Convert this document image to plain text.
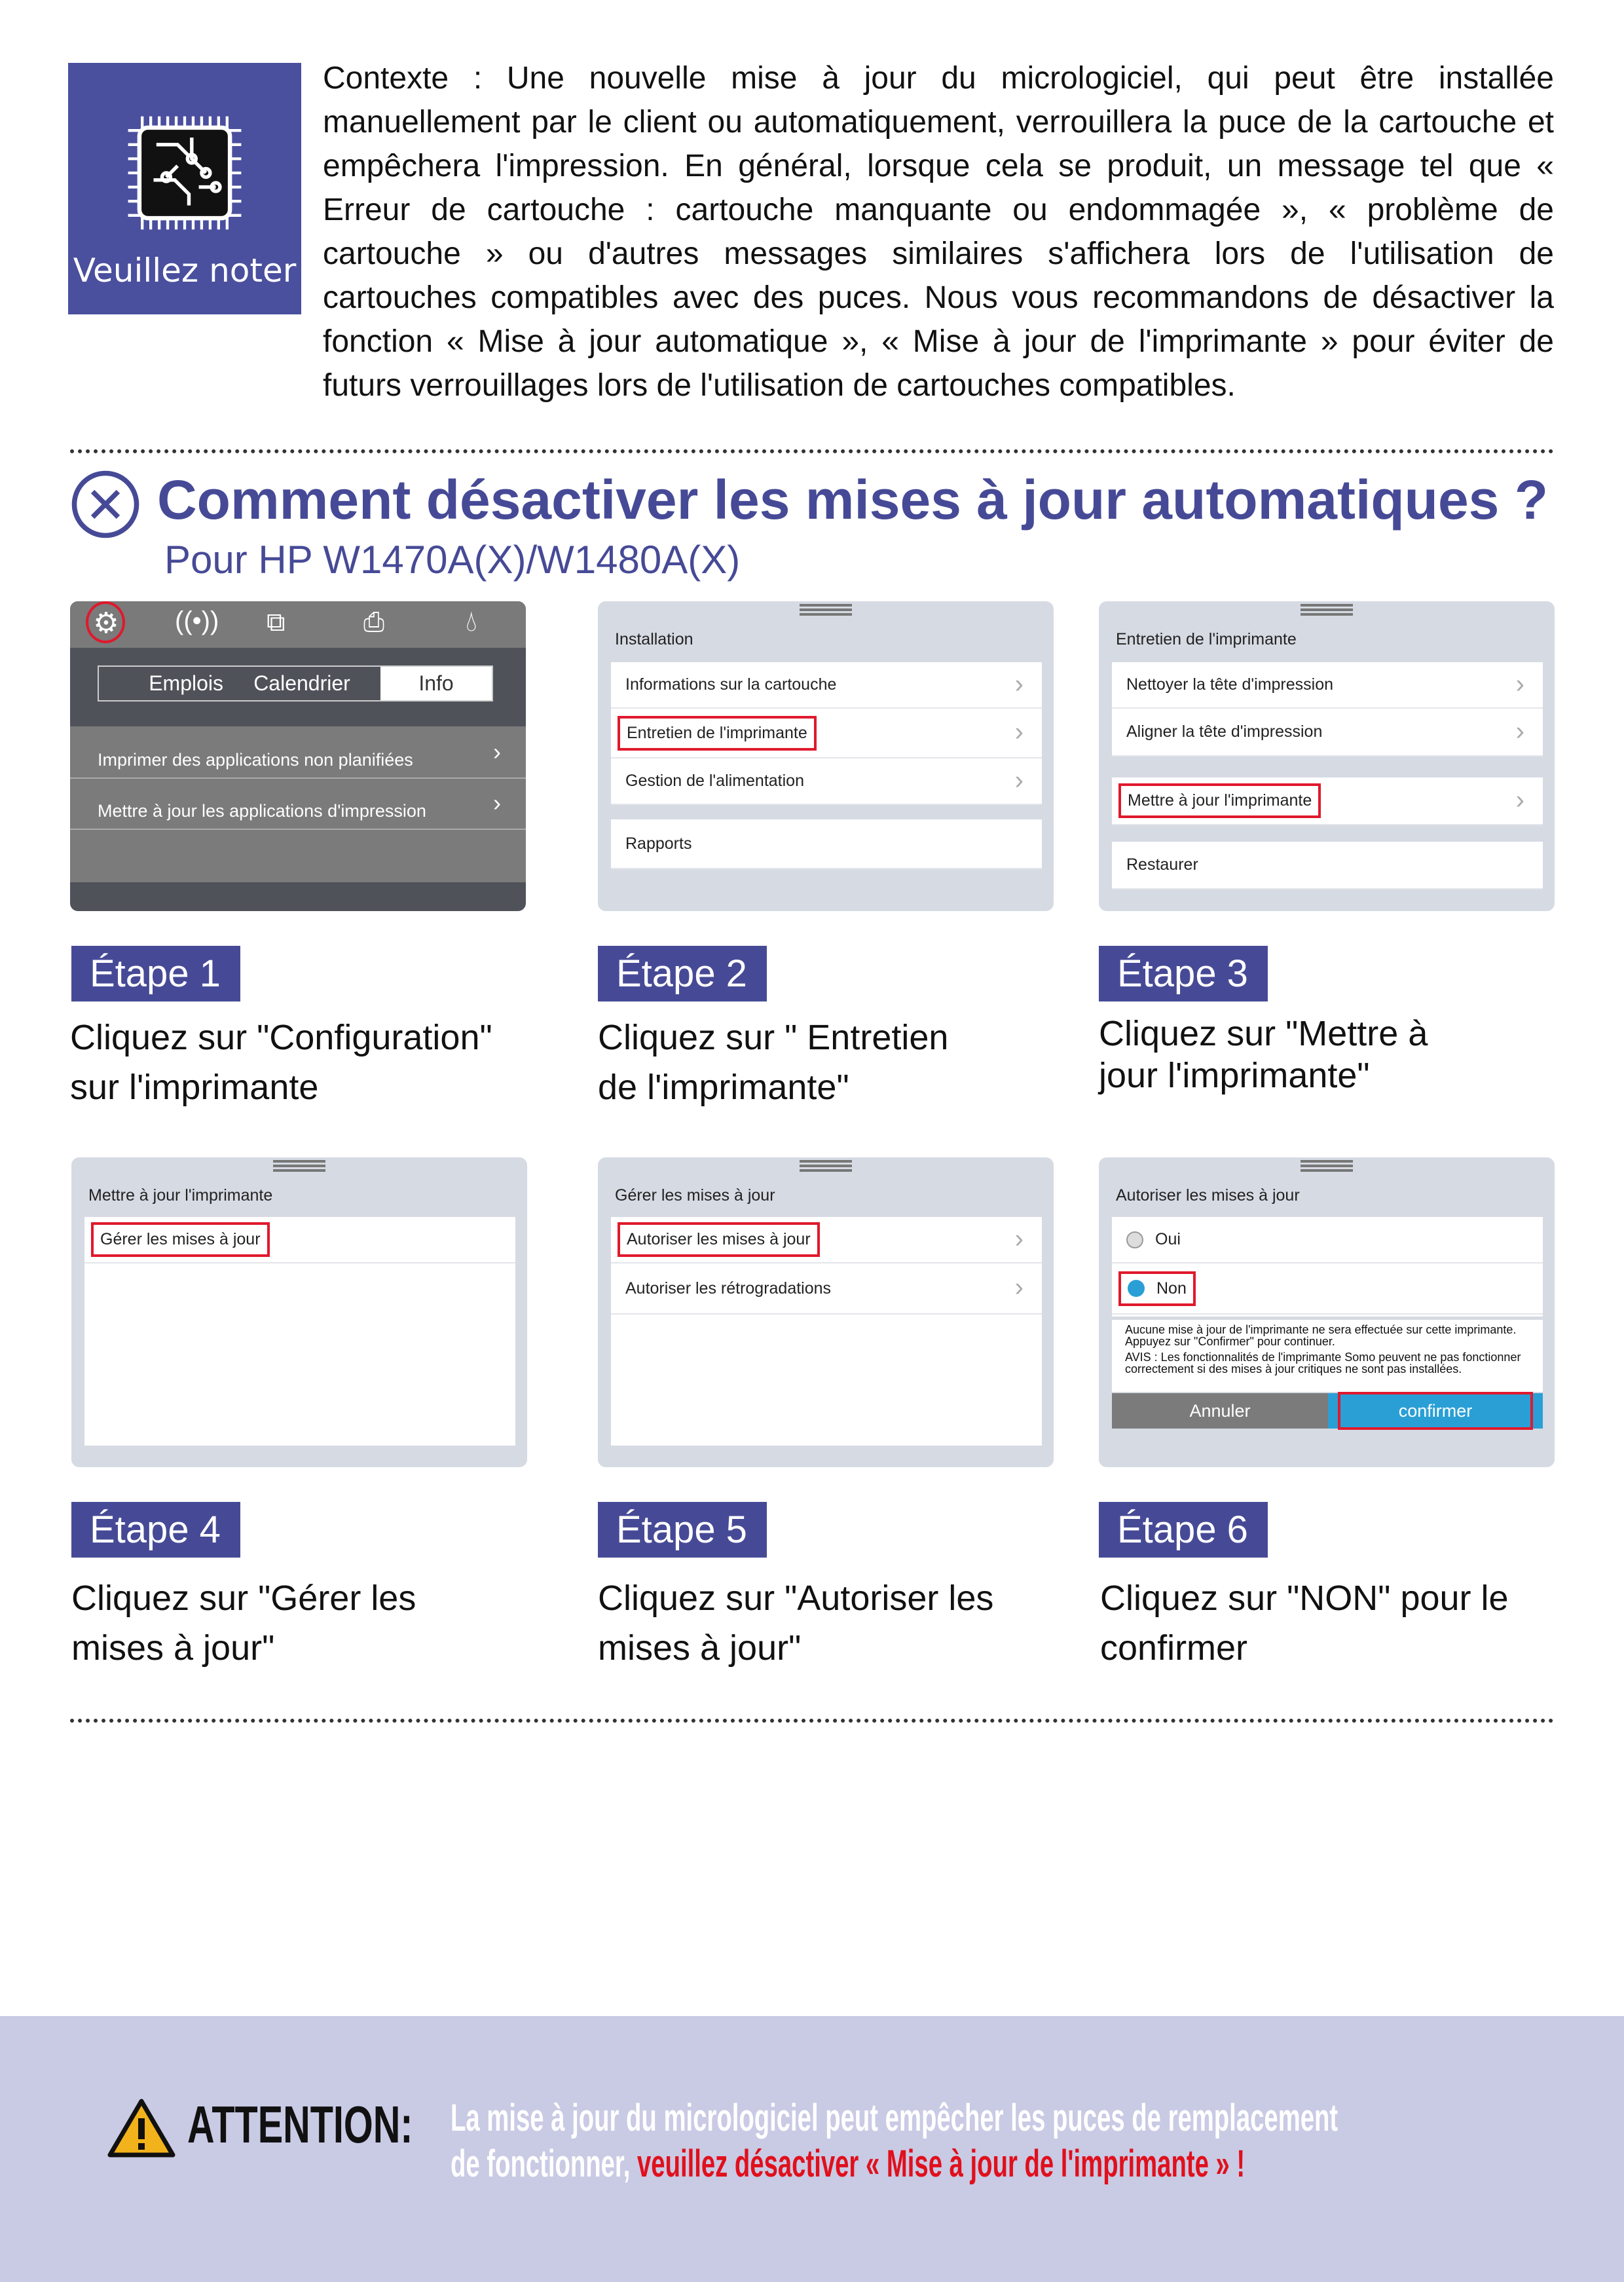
Veuillez noter
Contexte : Une nouvelle mise à jour du micrologiciel, qui peut être installée manuellement par le client ou automatiquement, verrouillera la puce de la cartouche et empêchera l'impression. En général, lorsque cela se produit, un message tel que « Erreur de cartouche : cartouche manquante ou endommagée », « problème de cartouche » ou d'autres messages similaires s'affichera lors de l'utilisation de cartouches compatibles avec des puces. Nous vous recommandons de désactiver la fonction « Mise à jour automatique », « Mise à jour de l'imprimante » pour éviter de futurs verrouillages lors de l'utilisation de cartouches compatibles.
Comment désactiver les mises à jour automatiques ?
Pour HP W1470A(X)/W1480A(X)
⚙ ((•)) ⧉	⎙	💧︎
Emplois	Calendrier	Info
Imprimer des applications non planifiées	›
Mettre à jour les applications d'impression	›
Installation
Informations sur la cartouche	›
Entretien de l'imprimante	›
Gestion de l'alimentation	›
Rapports
Entretien de l'imprimante
Nettoyer la tête d'impression	›
Aligner la tête d'impression	›
Mettre à jour l'imprimante	›
Restaurer
Étape 1	Étape 2	Étape 3
Cliquez sur "Configuration"
sur l'imprimante
Cliquez sur " Entretien
de l'imprimante"
Cliquez sur "Mettre à
jour l'imprimante"
Mettre à jour l'imprimante
Gérer les mises à jour
Gérer les mises à jour
Autoriser les mises à jour	›
Autoriser les rétrogradations	›
Autoriser les mises à jour
Oui
Non
Aucune mise à jour de l'imprimante ne sera effectuée sur cette imprimante. Appuyez sur "Confirmer" pour continuer.
AVIS : Les fonctionnalités de l'imprimante Somo peuvent ne pas fonctionner correctement si des mises à jour critiques ne sont pas installées.
Annuler	confirmer
Étape 4	Étape 5	Étape 6
Cliquez sur "Gérer les
mises à jour"
Cliquez sur "Autoriser les
mises à jour"
Cliquez sur "NON" pour le
confirmer
ATTENTION: La mise à jour du micrologiciel peut empêcher les puces de remplacement
de fonctionner, veuillez désactiver « Mise à jour de l'imprimante » !
